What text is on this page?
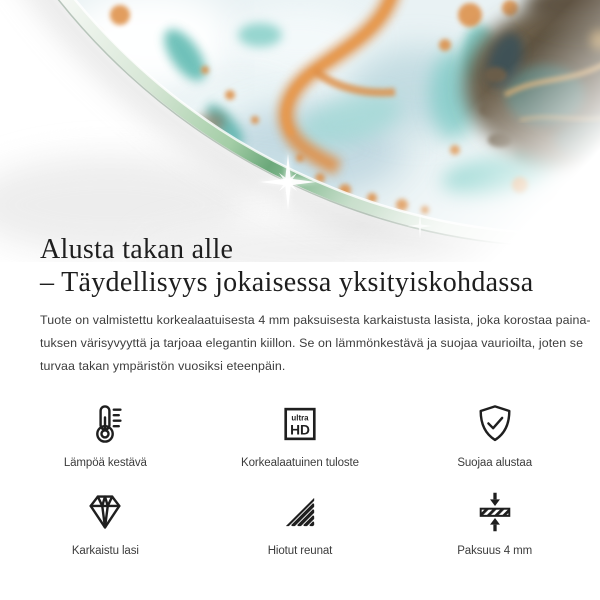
Alusta takan alle
– Täydellisyys jokaisessa yksityiskohdassa
Tuote on valmistettu korkealaatuisesta 4 mm paksuisesta karkaistusta lasista, joka korostaa paina-
tuksen värisyvyyttä ja tarjoaa elegantin kiillon. Se on lämmönkestävä ja suojaa vaurioilta, joten se
turvaa takan ympäristön vuosiksi eteenpäin.
Lämpöä kestävä
ultra
HD
Korkealaatuinen tuloste	Suojaa alustaa
Karkaistu lasi	Hiotut reunat	Paksuus 4 mm
